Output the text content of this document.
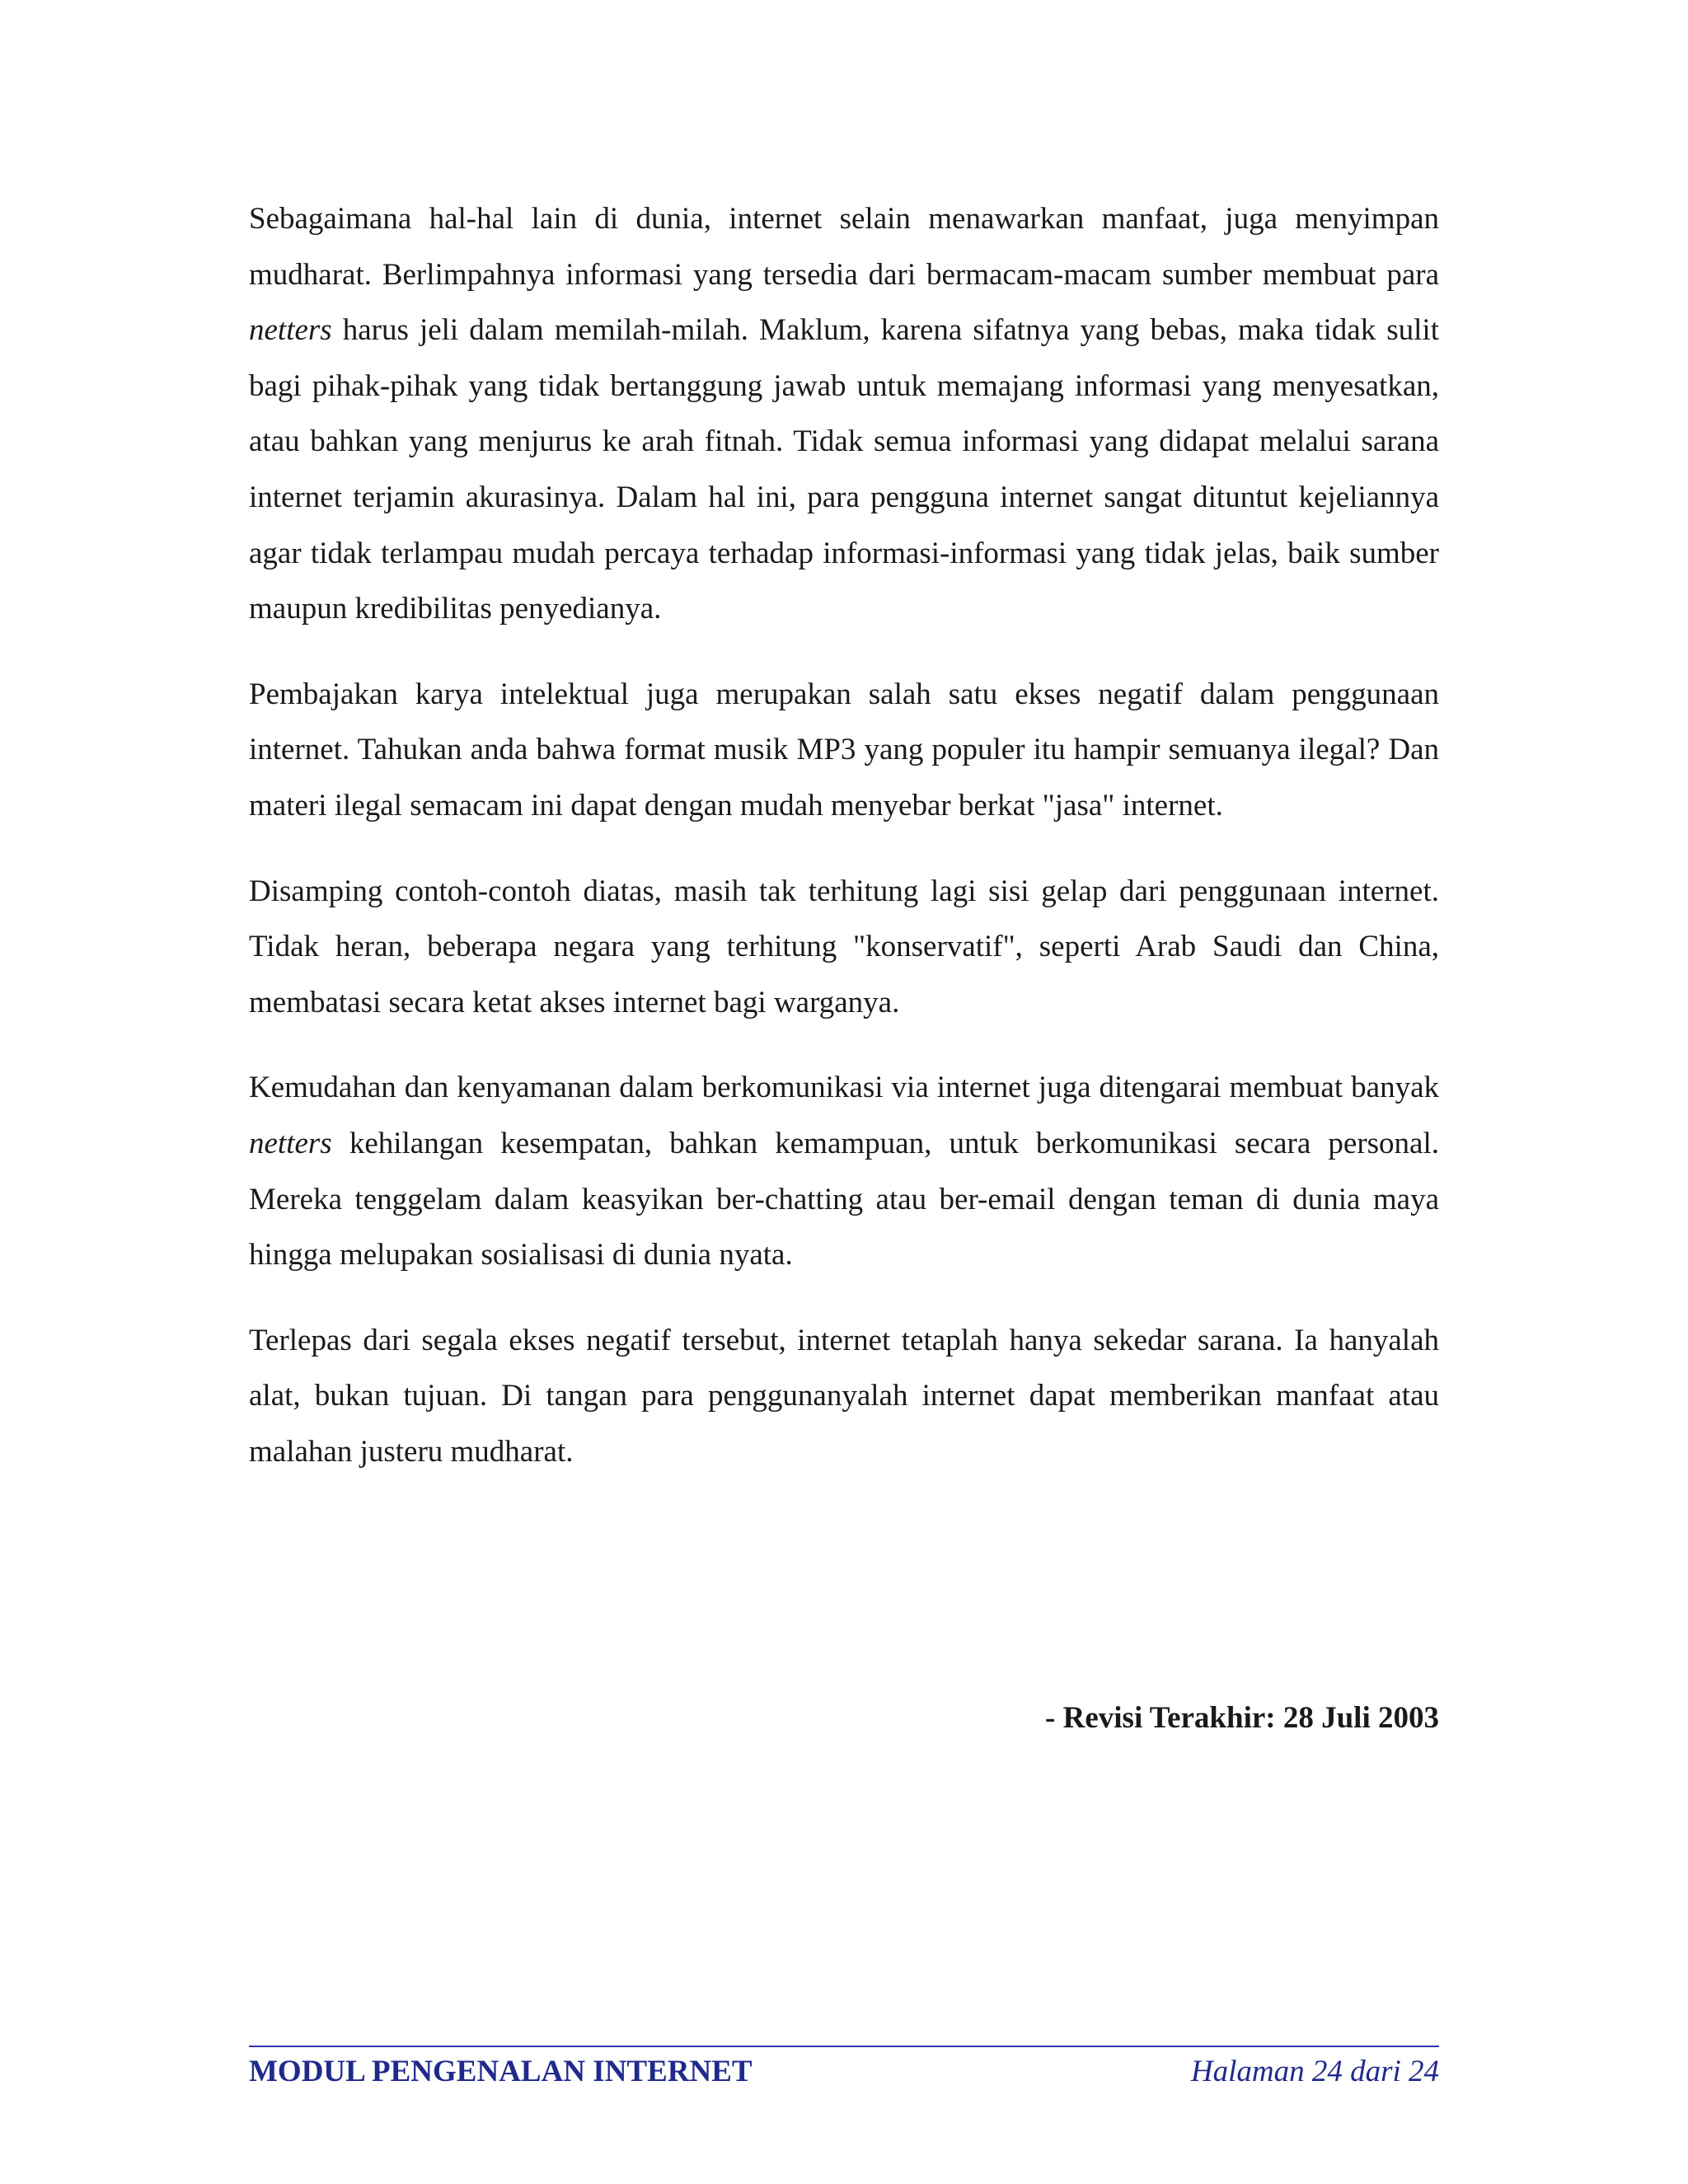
Sebagaimana hal-hal lain di dunia, internet selain menawarkan manfaat, juga menyimpan mudharat. Berlimpahnya informasi yang tersedia dari bermacam-macam sumber membuat para netters harus jeli dalam memilah-milah. Maklum, karena sifatnya yang bebas, maka tidak sulit bagi pihak-pihak yang tidak bertanggung jawab untuk memajang informasi yang menyesatkan, atau bahkan yang menjurus ke arah fitnah. Tidak semua informasi yang didapat melalui sarana internet terjamin akurasinya. Dalam hal ini, para pengguna internet sangat dituntut kejeliannya agar tidak terlampau mudah percaya terhadap informasi-informasi yang tidak jelas, baik sumber maupun kredibilitas penyedianya.

Pembajakan karya intelektual juga merupakan salah satu ekses negatif dalam penggunaan internet. Tahukan anda bahwa format musik MP3 yang populer itu hampir semuanya ilegal? Dan materi ilegal semacam ini dapat dengan mudah menyebar berkat "jasa" internet.

Disamping contoh-contoh diatas, masih tak terhitung lagi sisi gelap dari penggunaan internet. Tidak heran, beberapa negara yang terhitung "konservatif", seperti Arab Saudi dan China, membatasi secara ketat akses internet bagi warganya.

Kemudahan dan kenyamanan dalam berkomunikasi via internet juga ditengarai membuat banyak netters kehilangan kesempatan, bahkan kemampuan, untuk berkomunikasi secara personal. Mereka tenggelam dalam keasyikan ber-chatting atau ber-email dengan teman di dunia maya hingga melupakan sosialisasi di dunia nyata.

Terlepas dari segala ekses negatif tersebut, internet tetaplah hanya sekedar sarana. Ia hanyalah alat, bukan tujuan. Di tangan para penggunanyalah internet dapat memberikan manfaat atau malahan justeru mudharat.

- Revisi Terakhir: 28 Juli 2003
MODUL PENGENALAN INTERNET	Halaman 24 dari 24
